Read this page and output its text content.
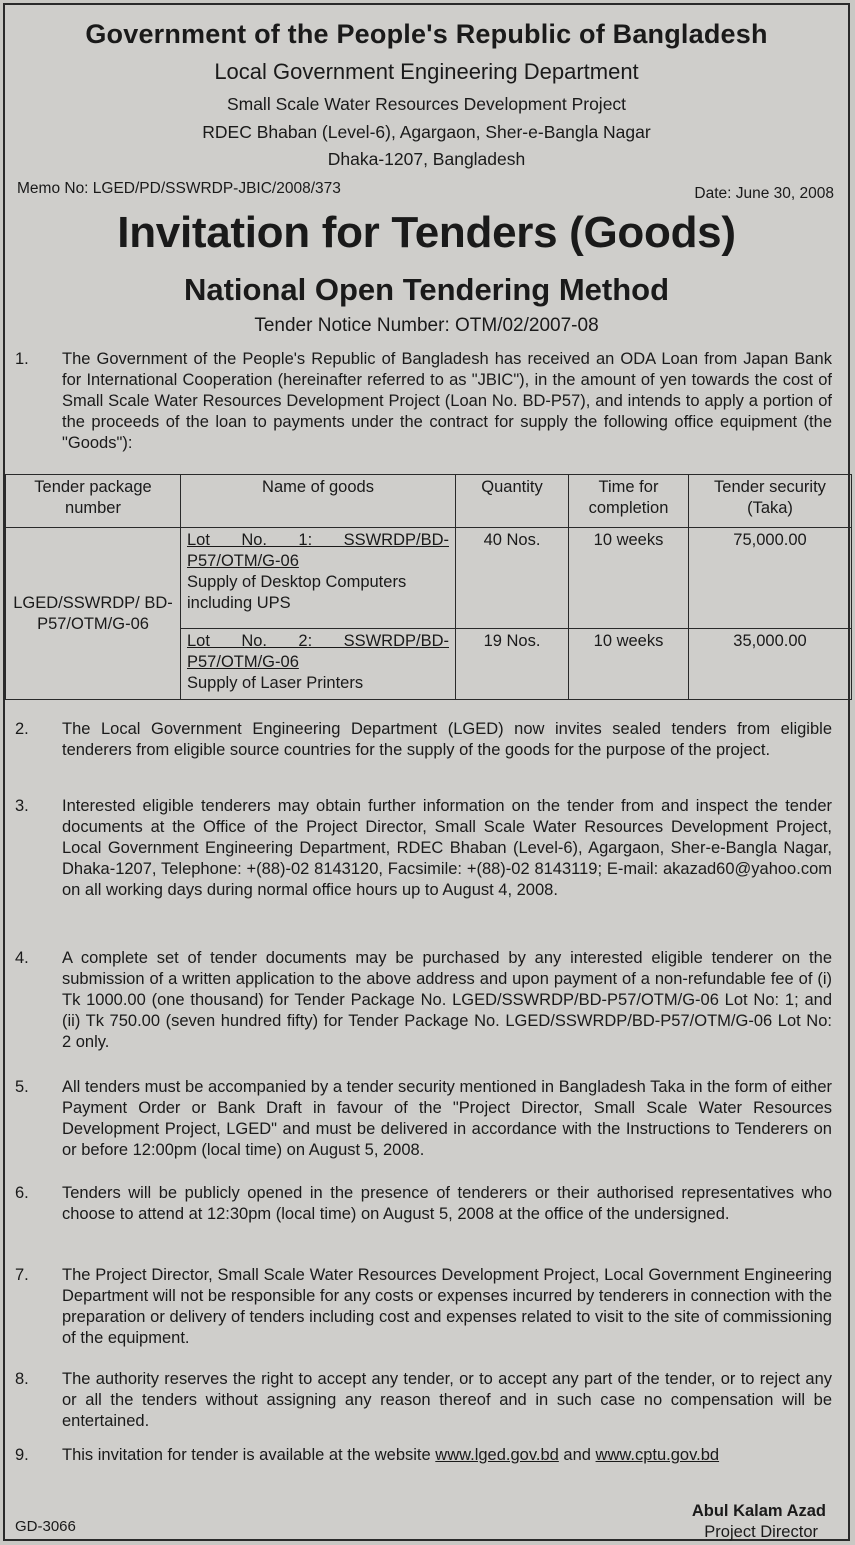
Government of the People's Republic of Bangladesh
Local Government Engineering Department
Small Scale Water Resources Development Project
RDEC Bhaban (Level-6), Agargaon, Sher-e-Bangla Nagar
Dhaka-1207, Bangladesh
Memo No: LGED/PD/SSWRDP-JBIC/2008/373	Date: June 30, 2008
Invitation for Tenders (Goods)
National Open Tendering Method
Tender Notice Number: OTM/02/2007-08
1.	The Government of the People's Republic of Bangladesh has received an ODA Loan from Japan Bank for International Cooperation (hereinafter referred to as "JBIC"), in the amount of yen towards the cost of Small Scale Water Resources Development Project (Loan No. BD-P57), and intends to apply a portion of the proceeds of the loan to payments under the contract for supply the following office equipment (the "Goods"):
Tender package number	Name of goods	Quantity	Time for completion	Tender security (Taka)
LGED/SSWRDP/ BD-P57/OTM/G-06	Lot No. 1: SSWRDP/BD-P57/OTM/G-06
Supply of Desktop Computers including UPS	40 Nos.	10 weeks	75,000.00

	Lot No. 2: SSWRDP/BD-P57/OTM/G-06
Supply of Laser Printers	19 Nos.	10 weeks	35,000.00
2.	The Local Government Engineering Department (LGED) now invites sealed tenders from eligible tenderers from eligible source countries for the supply of the goods for the purpose of the project.
3.	Interested eligible tenderers may obtain further information on the tender from and inspect the tender documents at the Office of the Project Director, Small Scale Water Resources Development Project, Local Government Engineering Department, RDEC Bhaban (Level-6), Agargaon, Sher-e-Bangla Nagar, Dhaka-1207, Telephone: +(88)-02 8143120, Facsimile: +(88)-02 8143119; E-mail: akazad60@yahoo.com on all working days during normal office hours up to August 4, 2008.
4.	A complete set of tender documents may be purchased by any interested eligible tenderer on the submission of a written application to the above address and upon payment of a non-refundable fee of (i) Tk 1000.00 (one thousand) for Tender Package No. LGED/SSWRDP/BD-P57/OTM/G-06 Lot No: 1; and (ii) Tk 750.00 (seven hundred fifty) for Tender Package No. LGED/SSWRDP/BD-P57/OTM/G-06 Lot No: 2 only.
5.	All tenders must be accompanied by a tender security mentioned in Bangladesh Taka in the form of either Payment Order or Bank Draft in favour of the "Project Director, Small Scale Water Resources Development Project, LGED" and must be delivered in accordance with the Instructions to Tenderers on or before 12:00pm (local time) on August 5, 2008.
6.	Tenders will be publicly opened in the presence of tenderers or their authorised representatives who choose to attend at 12:30pm (local time) on August 5, 2008 at the office of the undersigned.
7.	The Project Director, Small Scale Water Resources Development Project, Local Government Engineering Department will not be responsible for any costs or expenses incurred by tenderers in connection with the preparation or delivery of tenders including cost and expenses related to visit to the site of commissioning of the equipment.
8.	The authority reserves the right to accept any tender, or to accept any part of the tender, or to reject any or all the tenders without assigning any reason thereof and in such case no compensation will be entertained.
9.	This invitation for tender is available at the website www.lged.gov.bd and www.cptu.gov.bd
Abul Kalam Azad
Project Director
GD-3066
